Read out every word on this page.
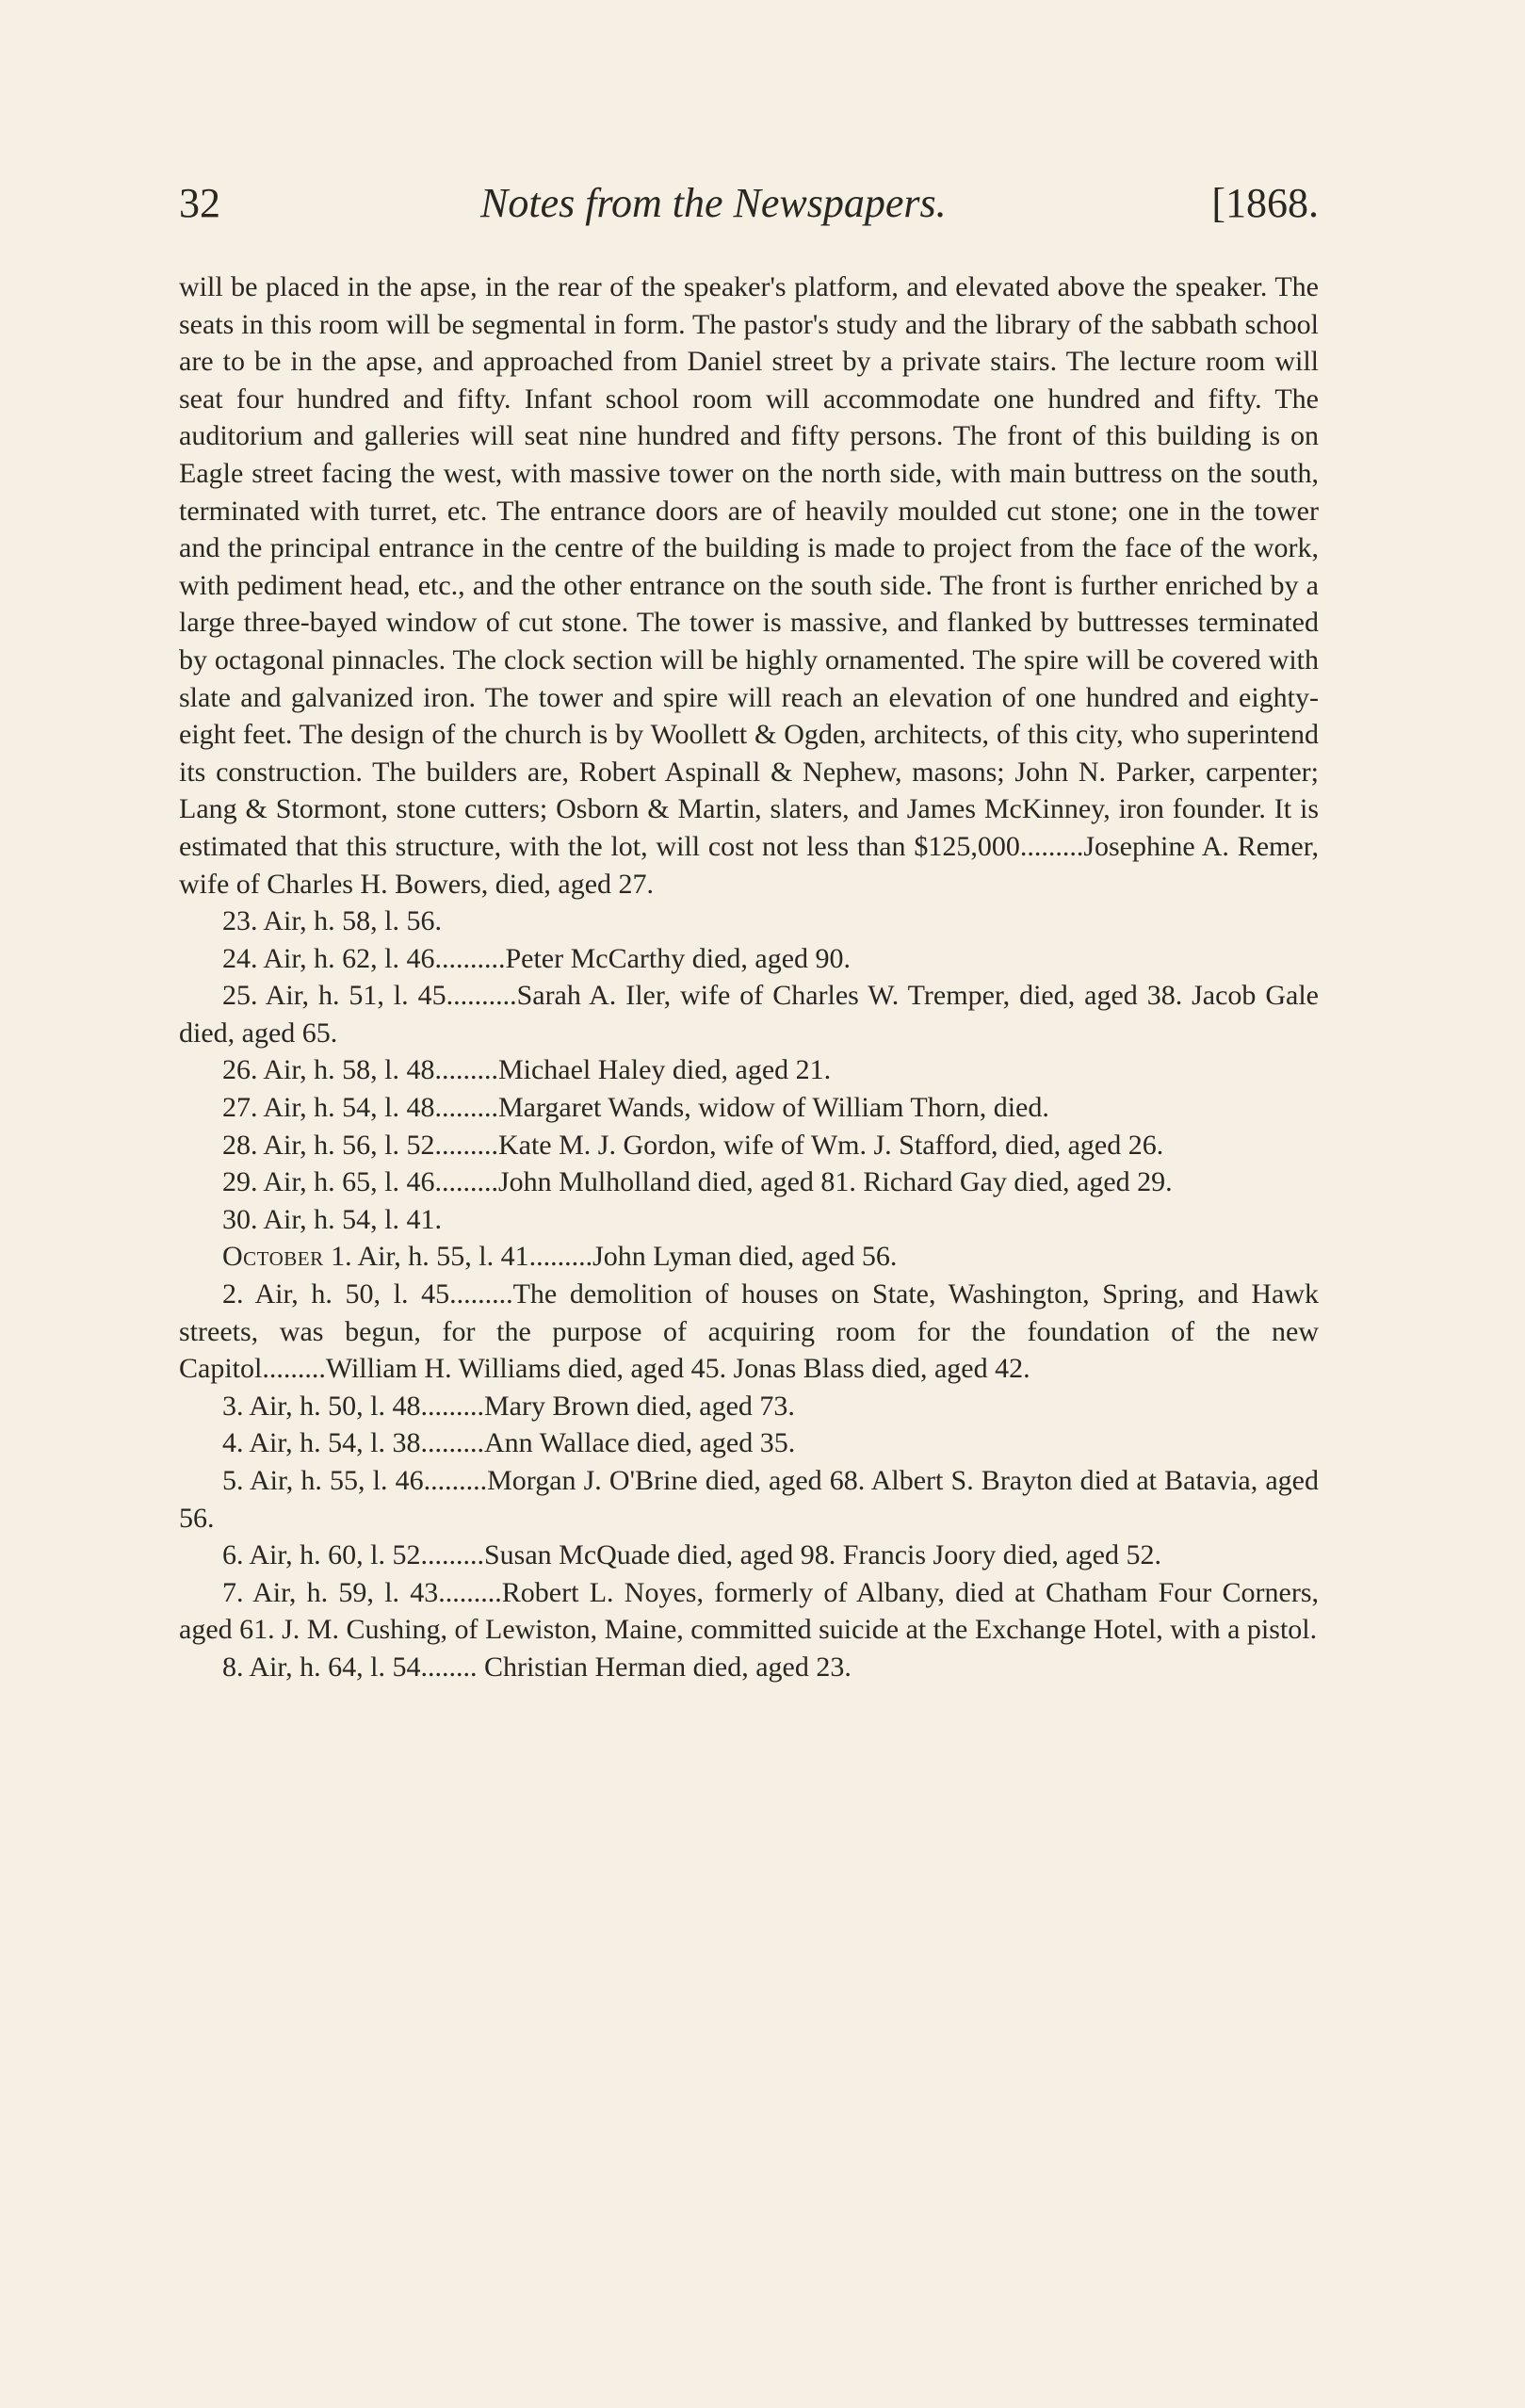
32	Notes from the Newspapers.	[1868.

will be placed in the apse, in the rear of the speaker's platform, and elevated above the speaker. The seats in this room will be segmental in form. The pastor's study and the library of the sabbath school are to be in the apse, and approached from Daniel street by a private stairs. The lecture room will seat four hundred and fifty. Infant school room will accommodate one hundred and fifty. The auditorium and galleries will seat nine hundred and fifty persons. The front of this building is on Eagle street facing the west, with massive tower on the north side, with main buttress on the south, terminated with turret, etc. The entrance doors are of heavily moulded cut stone; one in the tower and the principal entrance in the centre of the building is made to project from the face of the work, with pediment head, etc., and the other entrance on the south side. The front is further enriched by a large three-bayed window of cut stone. The tower is massive, and flanked by buttresses terminated by octagonal pinnacles. The clock section will be highly ornamented. The spire will be covered with slate and galvanized iron. The tower and spire will reach an elevation of one hundred and eighty-eight feet. The design of the church is by Woollett & Ogden, architects, of this city, who superintend its construction. The builders are, Robert Aspinall & Nephew, masons; John N. Parker, carpenter; Lang & Stormont, stone cutters; Osborn & Martin, slaters, and James McKinney, iron founder. It is estimated that this structure, with the lot, will cost not less than $125,000.........Josephine A. Remer, wife of Charles H. Bowers, died, aged 27.

23. Air, h. 58, l. 56.

24. Air, h. 62, l. 46..........Peter McCarthy died, aged 90.

25. Air, h. 51, l. 45..........Sarah A. Iler, wife of Charles W. Tremper, died, aged 38. Jacob Gale died, aged 65.

26. Air, h. 58, l. 48.........Michael Haley died, aged 21.

27. Air, h. 54, l. 48.........Margaret Wands, widow of William Thorn, died.

28. Air, h. 56, l. 52.........Kate M. J. Gordon, wife of Wm. J. Stafford, died, aged 26.

29. Air, h. 65, l. 46.........John Mulholland died, aged 81. Richard Gay died, aged 29.

30. Air, h. 54, l. 41.

October 1. Air, h. 55, l. 41.........John Lyman died, aged 56.

2. Air, h. 50, l. 45.........The demolition of houses on State, Washington, Spring, and Hawk streets, was begun, for the purpose of acquiring room for the foundation of the new Capitol.........William H. Williams died, aged 45. Jonas Blass died, aged 42.

3. Air, h. 50, l. 48.........Mary Brown died, aged 73.

4. Air, h. 54, l. 38.........Ann Wallace died, aged 35.

5. Air, h. 55, l. 46.........Morgan J. O'Brine died, aged 68. Albert S. Brayton died at Batavia, aged 56.

6. Air, h. 60, l. 52.........Susan McQuade died, aged 98. Francis Joory died, aged 52.

7. Air, h. 59, l. 43.........Robert L. Noyes, formerly of Albany, died at Chatham Four Corners, aged 61. J. M. Cushing, of Lewiston, Maine, committed suicide at the Exchange Hotel, with a pistol.

8. Air, h. 64, l. 54........ Christian Herman died, aged 23.
